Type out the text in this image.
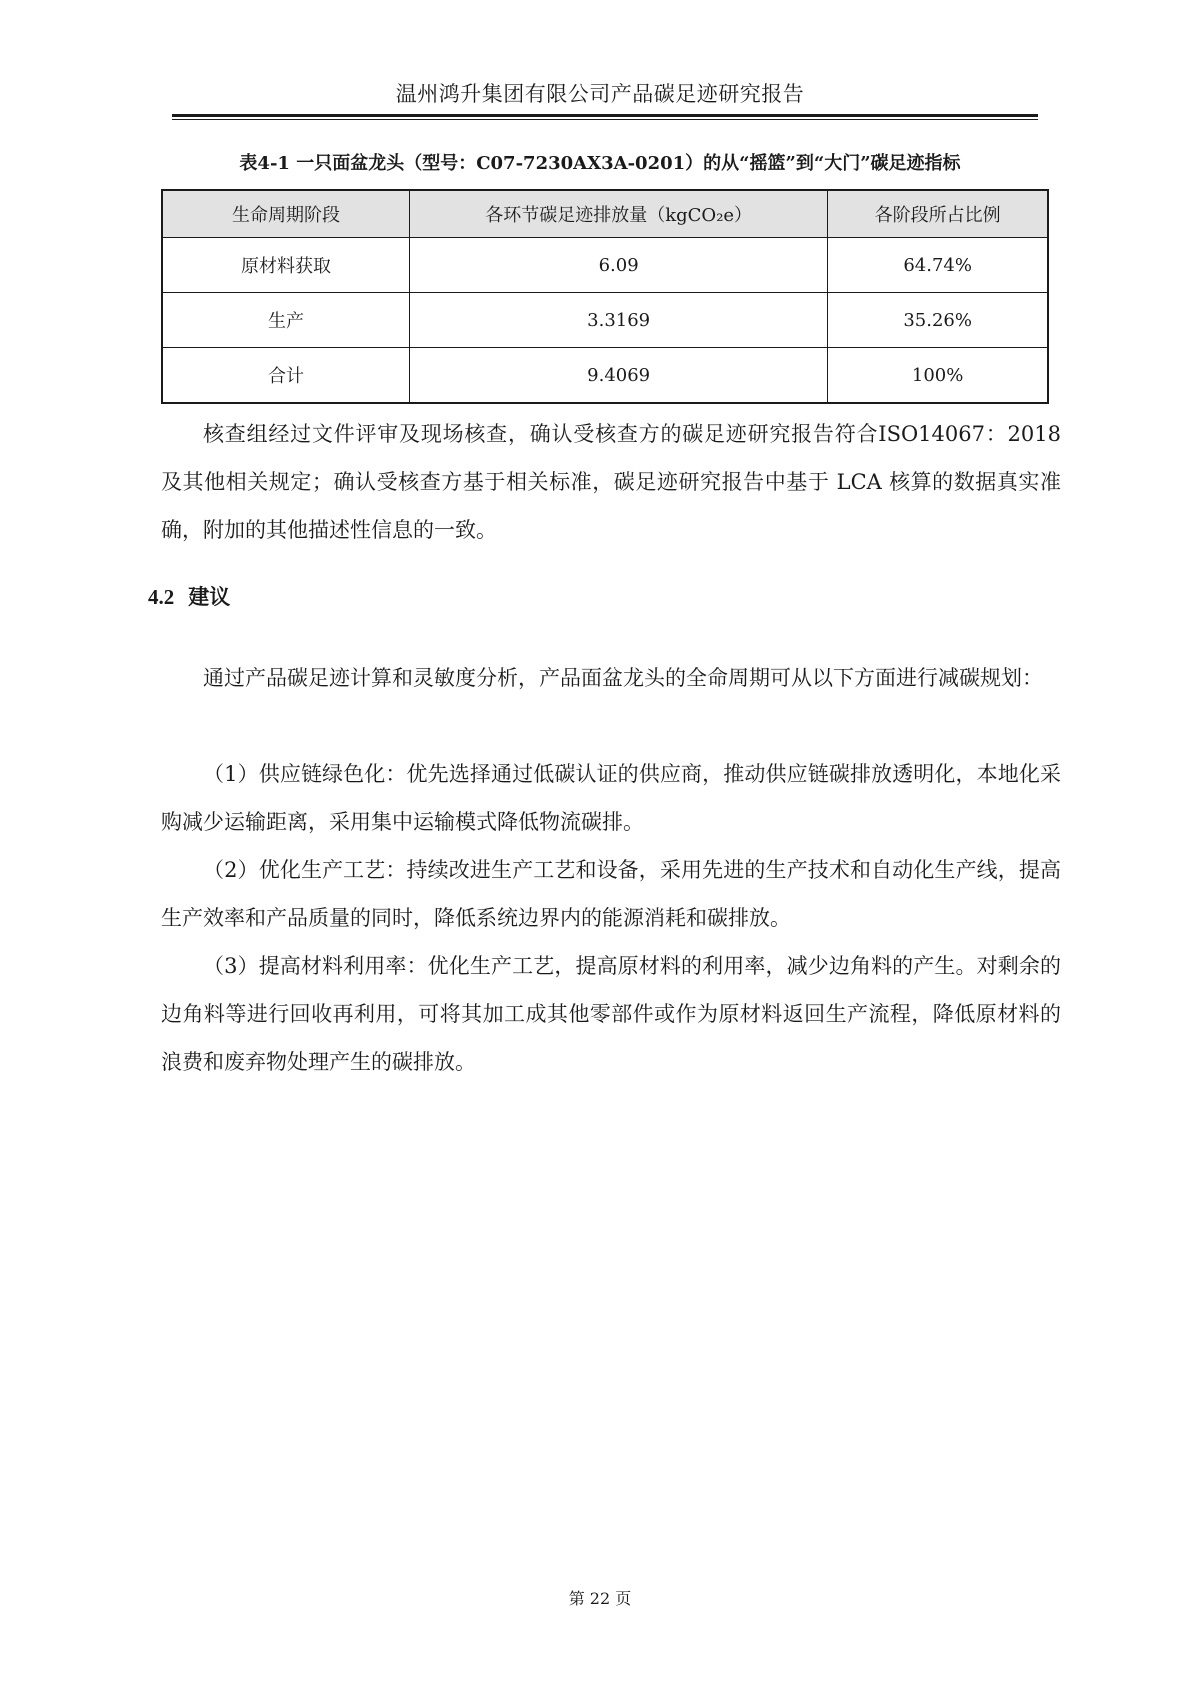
温州鸿升集团有限公司产品碳足迹研究报告
表4-1 一只面盆龙头（型号：C07-7230AX3A-0201）的从“摇篮”到“大门”碳足迹指标
生命周期阶段	各环节碳足迹排放量（kgCO₂e）	各阶段所占比例
原材料获取	6.09	64.74%
生产	3.3169	35.26%
合计	9.4069	100%

核查组经过文件评审及现场核查，确认受核查方的碳足迹研究报告符合ISO14067：2018 及其他相关规定；确认受核查方基于相关标准，碳足迹研究报告中基于 LCA 核算的数据真实准确，附加的其他描述性信息的一致。

4.2 建议

通过产品碳足迹计算和灵敏度分析，产品面盆龙头的全命周期可从以下方面进行减碳规划：

（1）供应链绿色化：优先选择通过低碳认证的供应商，推动供应链碳排放透明化，本地化采购减少运输距离，采用集中运输模式降低物流碳排。

（2）优化生产工艺：持续改进生产工艺和设备，采用先进的生产技术和自动化生产线，提高生产效率和产品质量的同时，降低系统边界内的能源消耗和碳排放。

（3）提高材料利用率：优化生产工艺，提高原材料的利用率，减少边角料的产生。对剩余的边角料等进行回收再利用，可将其加工成其他零部件或作为原材料返回生产流程，降低原材料的浪费和废弃物处理产生的碳排放。

第 22 页
